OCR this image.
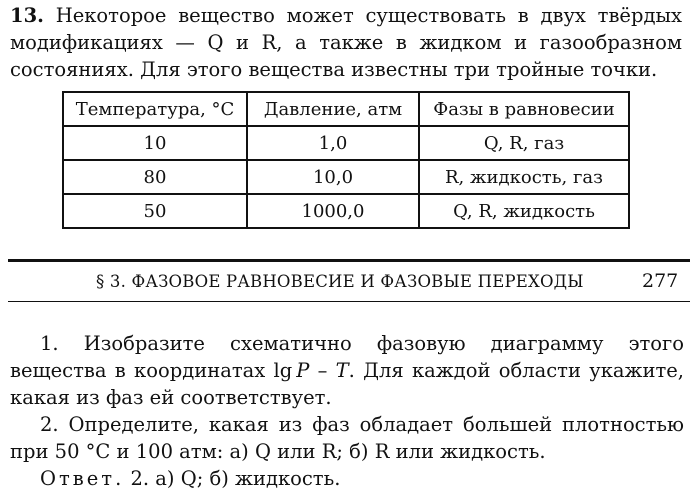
13. Некоторое вещество может существовать в двух твёрдых модификациях — Q и R, а также в жидком и газообразном состояниях. Для этого вещества известны три тройные точки.
Температура, °C	Давление, атм	Фазы в равновесии
10	1,0	Q, R, газ
80	10,0	R, жидкость, газ
50	1000,0	Q, R, жидкость
§ 3. ФАЗОВОЕ РАВНОВЕСИЕ И ФАЗОВЫЕ ПЕРЕХОДЫ	277

1. Изобразите схематично фазовую диаграмму этого вещества в координатах lg  P – T. Для каждой области укажите, какая из фаз ей соответствует.

2. Определите, какая из фаз обладает большей плотностью при 50 °C и 100 атм: а) Q или R; б) R или жидкость.

Ответ. 2. а) Q; б) жидкость.
